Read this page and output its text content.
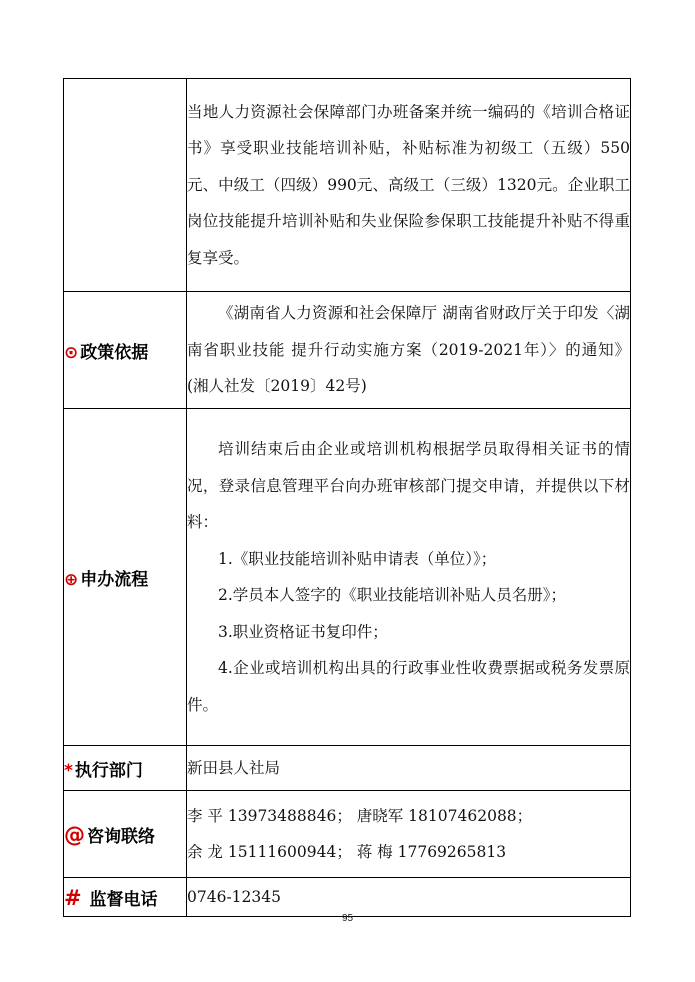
	当地人力资源社会保障部门办班备案并统一编码的《培训合格证书》享受职业技能培训补贴，补贴标准为初级工（五级）550元、中级工（四级）990元、高级工（三级）1320元。企业职工岗位技能提升培训补贴和失业保险参保职工技能提升补贴不得重复享受。

⊙ 政策依据	《湖南省人力资源和社会保障厅 湖南省财政厅关于印发〈湖南省职业技能 提升行动实施方案（2019-2021年）〉的通知》(湘人社发〔2019〕42号)

⊕ 申办流程	培训结束后由企业或培训机构根据学员取得相关证书的情况，登录信息管理平台向办班审核部门提交申请，并提供以下材料：

1.《职业技能培训补贴申请表（单位）》；

2.学员本人签字的《职业技能培训补贴人员名册》；

3.职业资格证书复印件；

4.企业或培训机构出具的行政事业性收费票据或税务发票原件。

* 执行部门	新田县人社局
@ 咨询联络	李 平 13973488846； 唐晓军 18107462088；

余 龙 15111600944； 蒋 梅 17769265813

# 监督电话	0746-12345
95
